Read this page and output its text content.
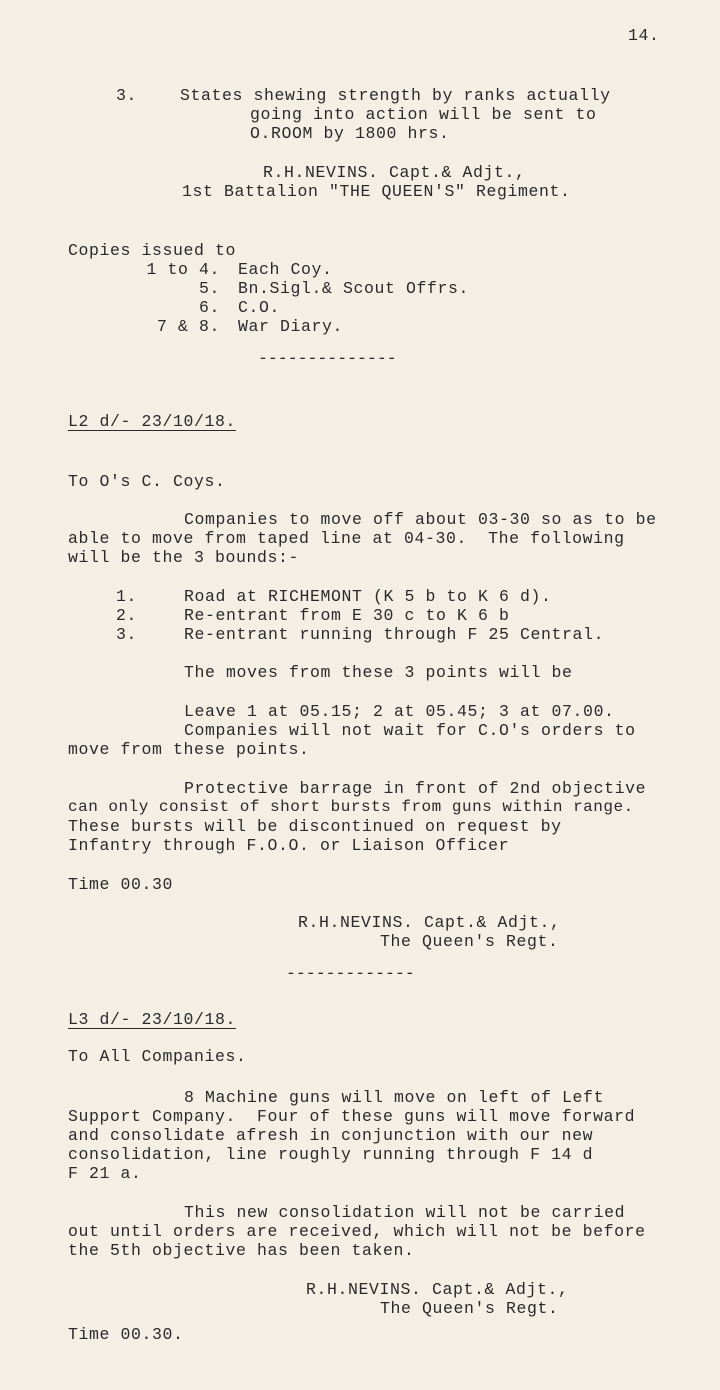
14.
3.	States shewing strength by ranks actually
going into action will be sent to
O.ROOM by 1800 hrs.
R.H.NEVINS. Capt.& Adjt.,
1st Battalion "THE QUEEN'S" Regiment.
Copies issued to
1 to 4. Each Coy.
5. Bn.Sigl.& Scout Offrs.
6. C.O.
7 & 8. War Diary.
--------------
L2 d/- 23/10/18.
To O's C. Coys.
Companies to move off about 03-30 so as to be
able to move from taped line at 04-30.  The following
will be the 3 bounds:-
1.	Road at RICHEMONT (K 5 b to K 6 d).
2.	Re-entrant from E 30 c to K 6 b
3.	Re-entrant running through F 25 Central.
The moves from these 3 points will be
Leave 1 at 05.15; 2 at 05.45; 3 at 07.00.
Companies will not wait for C.O's orders to
move from these points.
Protective barrage in front of 2nd objective
can only consist of short bursts from guns within range.
These bursts will be discontinued on request by
Infantry through F.O.O. or Liaison Officer
Time 00.30
R.H.NEVINS. Capt.& Adjt.,
The Queen's Regt.
-------------
L3 d/- 23/10/18.
To All Companies.
8 Machine guns will move on left of Left
Support Company.  Four of these guns will move forward
and consolidate afresh in conjunction with our new
consolidation, line roughly running through F 14 d
F 21 a.
This new consolidation will not be carried
out until orders are received, which will not be before
the 5th objective has been taken.
R.H.NEVINS. Capt.& Adjt.,
The Queen's Regt.
Time 00.30.
